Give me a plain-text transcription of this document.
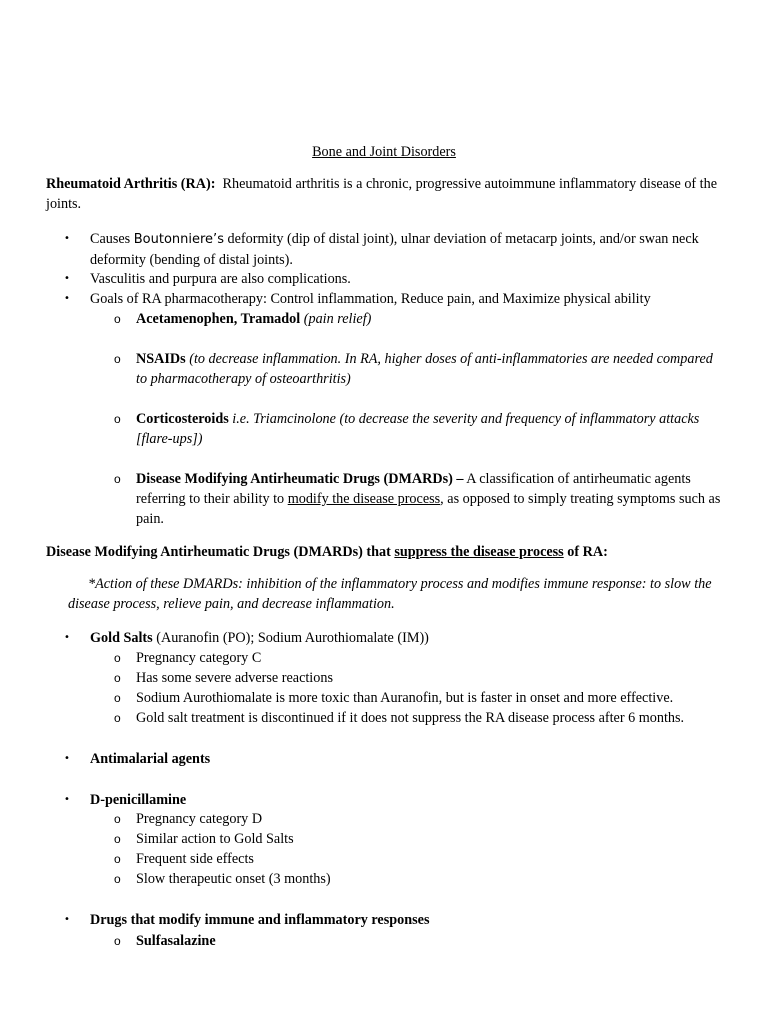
Bone and Joint Disorders

Rheumatoid Arthritis (RA): Rheumatoid arthritis is a chronic, progressive autoimmune inflammatory disease of the joints.

• Causes Boutonniere’s deformity (dip of distal joint), ulnar deviation of metacarp joints, and/or swan neck deformity (bending of distal joints).
• Vasculitis and purpura are also complications.
• Goals of RA pharmacotherapy: Control inflammation, Reduce pain, and Maximize physical ability
o Acetamenophen, Tramadol (pain relief)
o NSAIDs (to decrease inflammation. In RA, higher doses of anti-inflammatories are needed compared to pharmacotherapy of osteoarthritis)
o Corticosteroids i.e. Triamcinolone (to decrease the severity and frequency of inflammatory attacks [flare-ups])
o Disease Modifying Antirheumatic Drugs (DMARDs) – A classification of antirheumatic agents referring to their ability to modify the disease process, as opposed to simply treating symptoms such as pain.

Disease Modifying Antirheumatic Drugs (DMARDs) that suppress the disease process of RA:

*Action of these DMARDs: inhibition of the inflammatory process and modifies immune response: to slow the disease process, relieve pain, and decrease inflammation.

• Gold Salts (Auranofin (PO); Sodium Aurothiomalate (IM))
o Pregnancy category C
o Has some severe adverse reactions
o Sodium Aurothiomalate is more toxic than Auranofin, but is faster in onset and more effective.
o Gold salt treatment is discontinued if it does not suppress the RA disease process after 6 months.
• Antimalarial agents
• D-penicillamine
o Pregnancy category D
o Similar action to Gold Salts
o Frequent side effects
o Slow therapeutic onset (3 months)
• Drugs that modify immune and inflammatory responses
o Sulfasalazine
